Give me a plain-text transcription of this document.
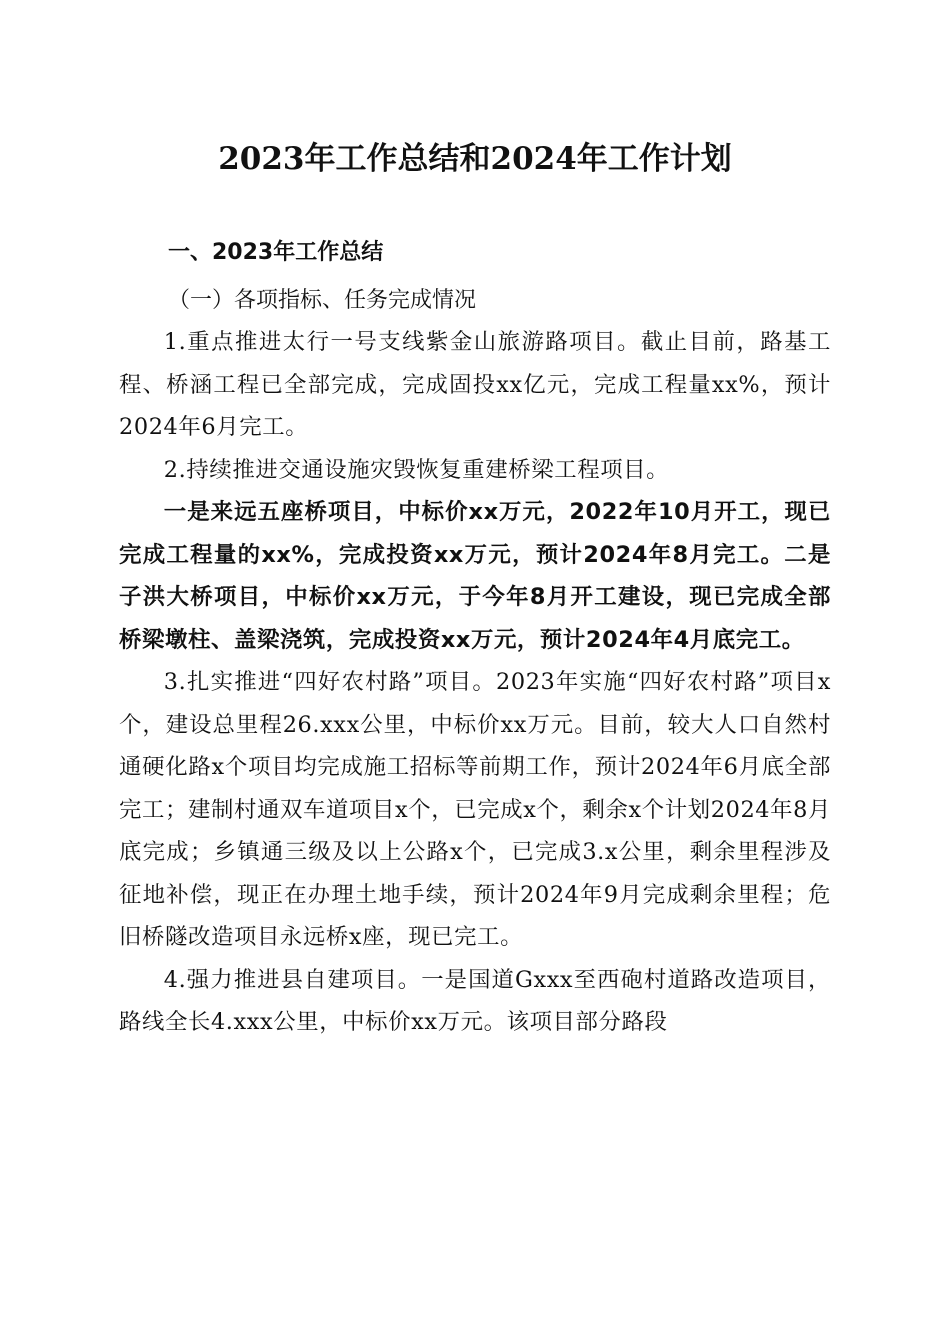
2023年工作总结和2024年工作计划
一、2023年工作总结
（一）各项指标、任务完成情况

1.重点推进太行一号支线紫金山旅游路项目。截止目前，路基工程、桥涵工程已全部完成，完成固投xx亿元，完成工程量xx%，预计2024年6月完工。

2.持续推进交通设施灾毁恢复重建桥梁工程项目。

一是来远五座桥项目，中标价xx万元，2022年10月开工，现已完成工程量的xx%，完成投资xx万元，预计2024年8月完工。二是子洪大桥项目，中标价xx万元，于今年8月开工建设，现已完成全部桥梁墩柱、盖梁浇筑，完成投资xx万元，预计2024年4月底完工。

3.扎实推进“四好农村路”项目。2023年实施“四好农村路”项目x个，建设总里程26.xxx公里，中标价xx万元。目前，较大人口自然村通硬化路x个项目均完成施工招标等前期工作，预计2024年6月底全部完工；建制村通双车道项目x个，已完成x个，剩余x个计划2024年8月底完成；乡镇通三级及以上公路x个，已完成3.x公里，剩余里程涉及征地补偿，现正在办理土地手续，预计2024年9月完成剩余里程；危旧桥隧改造项目永远桥x座，现已完工。

4.强力推进县自建项目。一是国道Gxxx至西砲村道路改造项目，路线全长4.xxx公里，中标价xx万元。该项目部分路段
